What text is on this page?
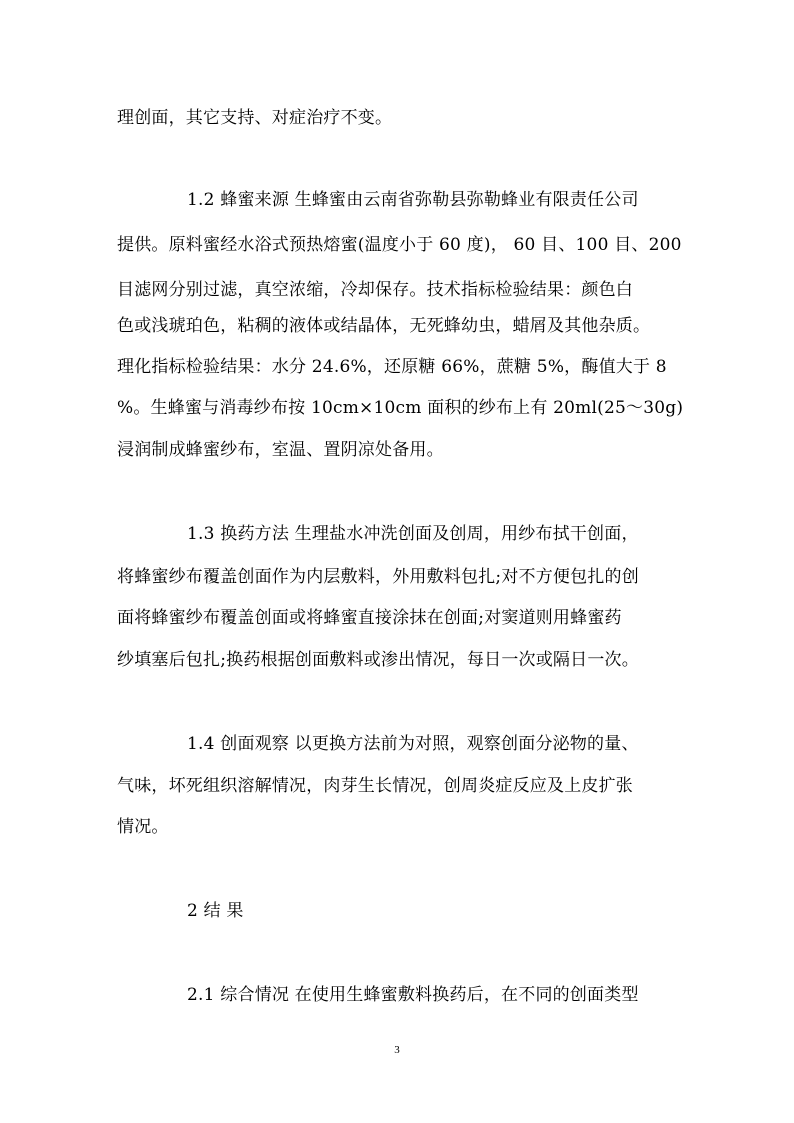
理创面，其它支持、对症治疗不变。
1.2 蜂蜜来源 生蜂蜜由云南省弥勒县弥勒蜂业有限责任公司
提供。原料蜜经水浴式预热熔蜜(温度小于 60 度)， 60 目、100 目、200
目滤网分别过滤，真空浓缩，冷却保存。技术指标检验结果：颜色白
色或浅琥珀色，粘稠的液体或结晶体，无死蜂幼虫，蜡屑及其他杂质。
理化指标检验结果：水分 24.6%，还原糖 66%，蔗糖 5%，酶值大于 8
%。生蜂蜜与消毒纱布按 10cm×10cm 面积的纱布上有 20ml(25～30g)
浸润制成蜂蜜纱布，室温、置阴凉处备用。
1.3 换药方法 生理盐水冲洗创面及创周，用纱布拭干创面，
将蜂蜜纱布覆盖创面作为内层敷料，外用敷料包扎;对不方便包扎的创
面将蜂蜜纱布覆盖创面或将蜂蜜直接涂抹在创面;对窦道则用蜂蜜药
纱填塞后包扎;换药根据创面敷料或渗出情况，每日一次或隔日一次。
1.4 创面观察 以更换方法前为对照，观察创面分泌物的量、
气味，坏死组织溶解情况，肉芽生长情况，创周炎症反应及上皮扩张
情况。
2 结 果
2.1 综合情况 在使用生蜂蜜敷料换药后，在不同的创面类型
3
